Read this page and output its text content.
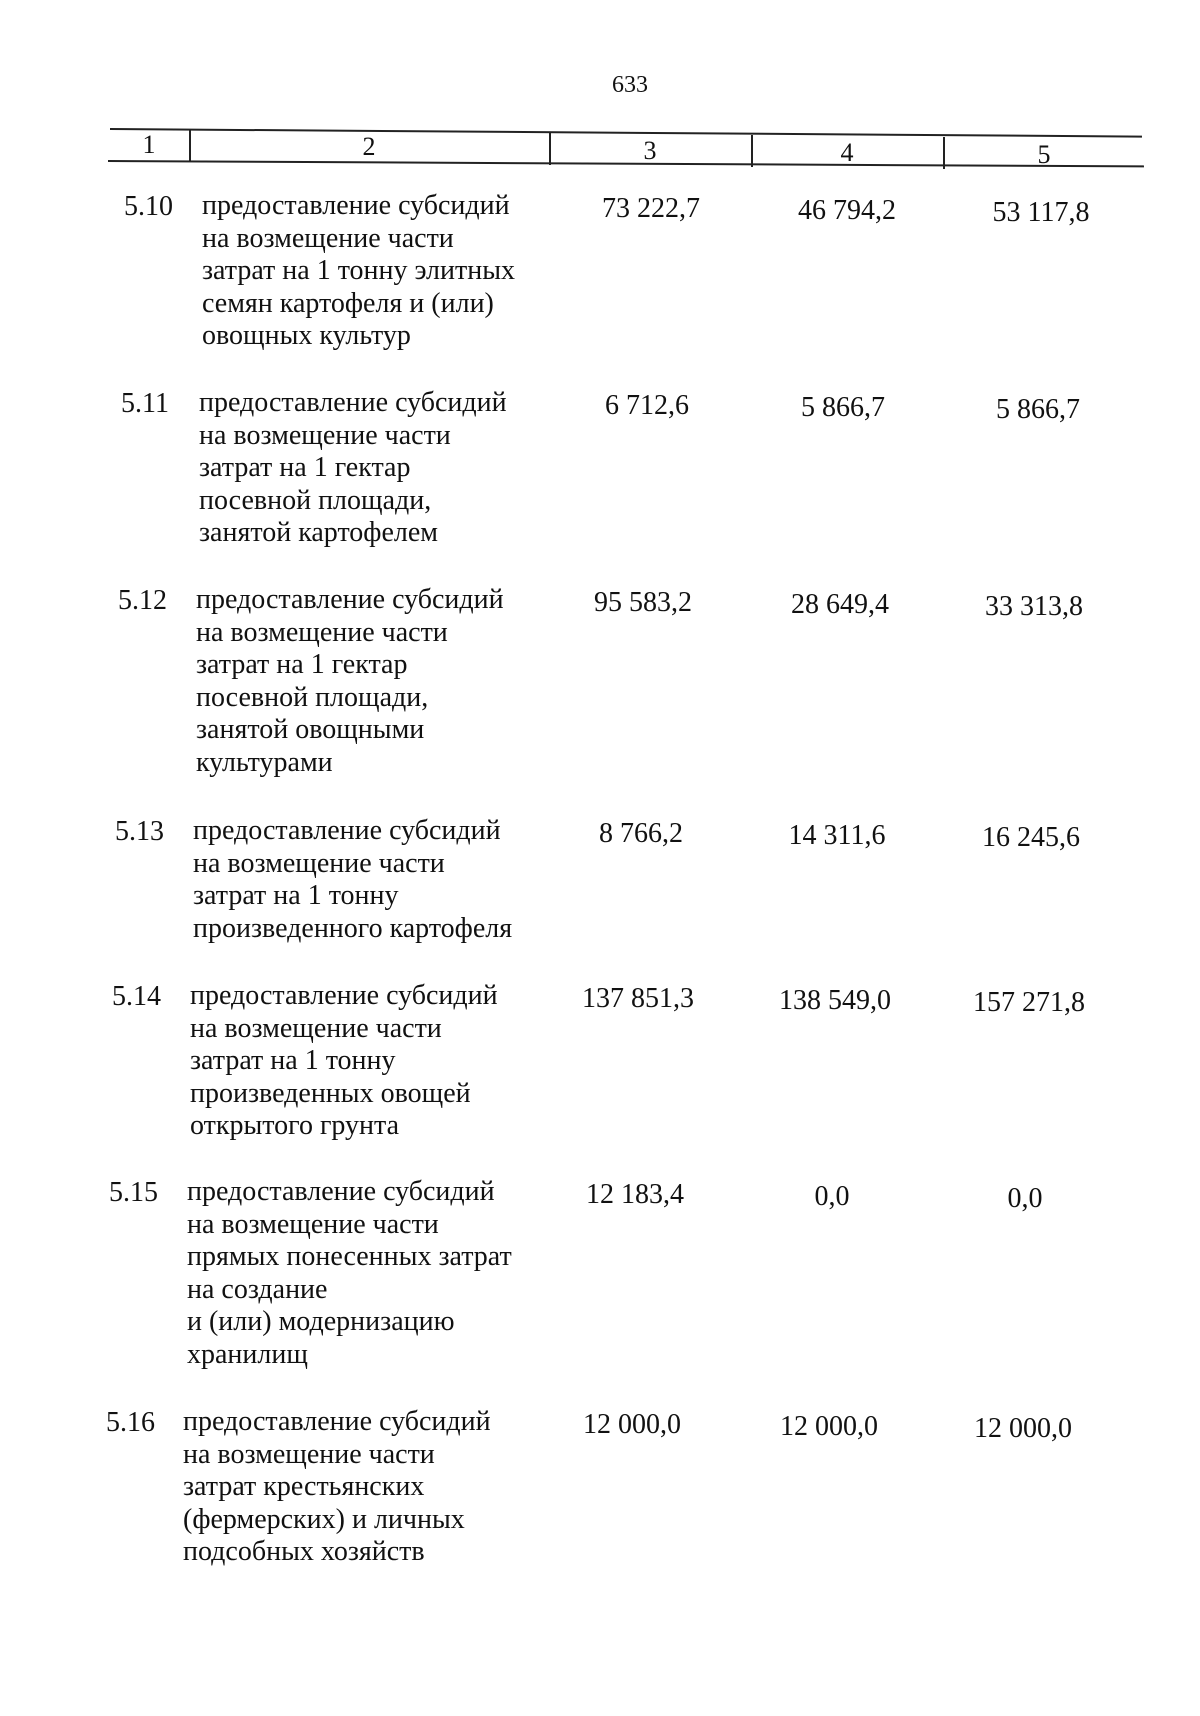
633
1	2	3	4	5
5.10 предоставление субсидий
на возмещение части
затрат на 1 тонну элитных
семян картофеля и (или)
овощных культур
73 222,7	46 794,2	53 117,8
5.11 предоставление субсидий
на возмещение части
затрат на 1 гектар
посевной площади,
занятой картофелем
6 712,6	5 866,7	5 866,7
5.12 предоставление субсидий
на возмещение части
затрат на 1 гектар
посевной площади,
занятой овощными
культурами
95 583,2	28 649,4	33 313,8
5.13 предоставление субсидий
на возмещение части
затрат на 1 тонну
произведенного картофеля
8 766,2	14 311,6	16 245,6
5.14 предоставление субсидий
на возмещение части
затрат на 1 тонну
произведенных овощей
открытого грунта
137 851,3	138 549,0	157 271,8
5.15 предоставление субсидий
на возмещение части
прямых понесенных затрат
на создание
и (или) модернизацию
хранилищ
12 183,4	0,0	0,0
5.16 предоставление субсидий
на возмещение части
затрат крестьянских
(фермерских) и личных
подсобных хозяйств
12 000,0	12 000,0	12 000,0
